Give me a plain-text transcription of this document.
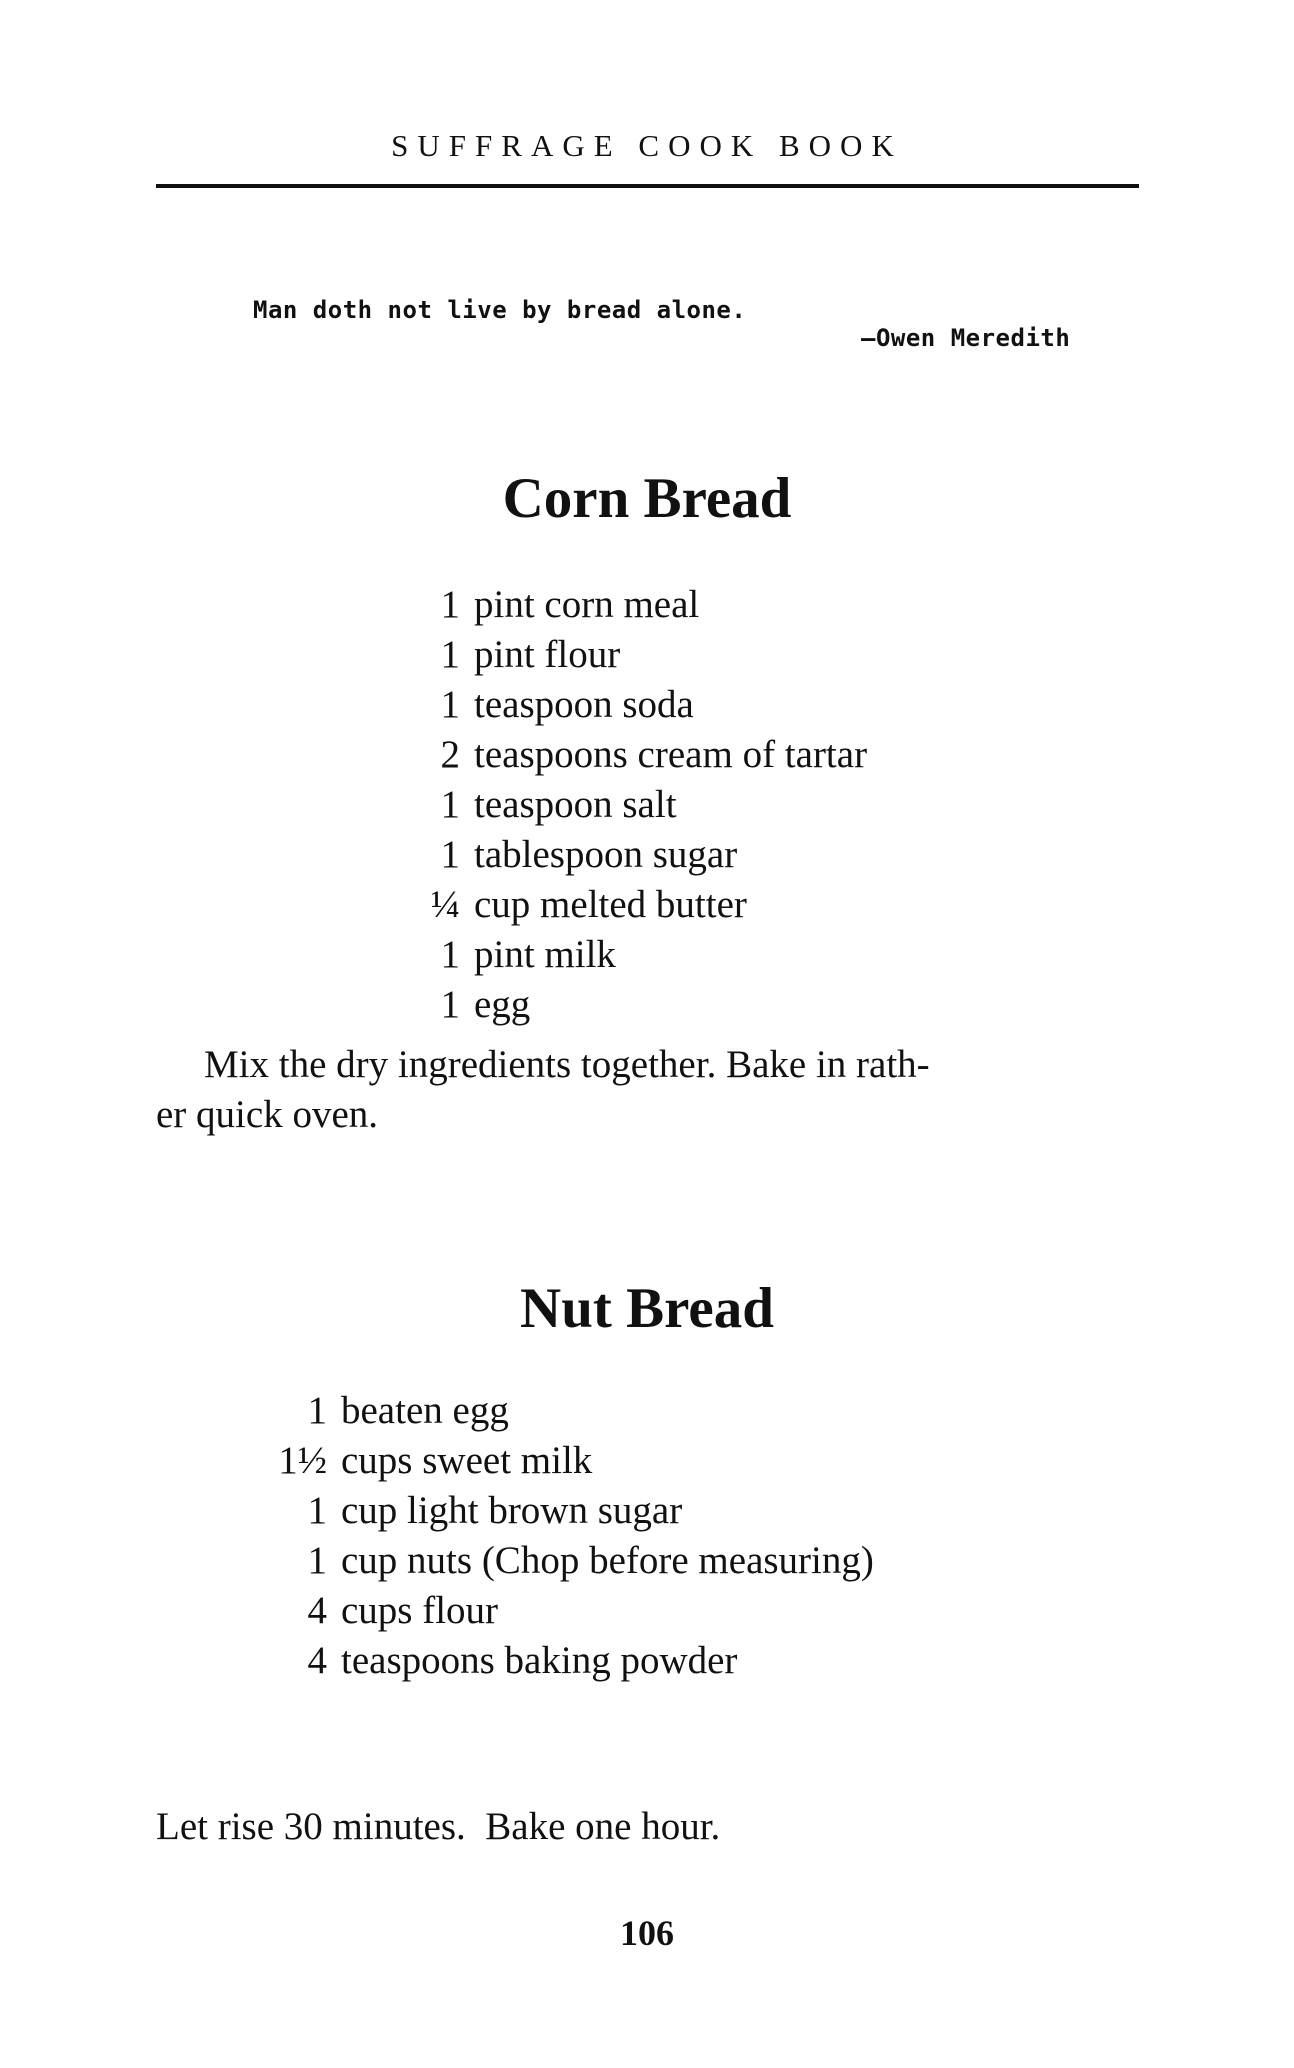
SUFFRAGE COOK BOOK
Man doth not live by bread alone.
—Owen Meredith
Corn Bread
1 pint corn meal
1 pint flour
1 teaspoon soda
2 teaspoons cream of tartar
1 teaspoon salt
1 tablespoon sugar
¼ cup melted butter
1 pint milk
1 egg
Mix the dry ingredients together. Bake in rath-
er quick oven.
Nut Bread
1 beaten egg
1½ cups sweet milk
1 cup light brown sugar
1 cup nuts (Chop before measuring)
4 cups flour
4 teaspoons baking powder

Let rise 30 minutes.  Bake one hour.

106
